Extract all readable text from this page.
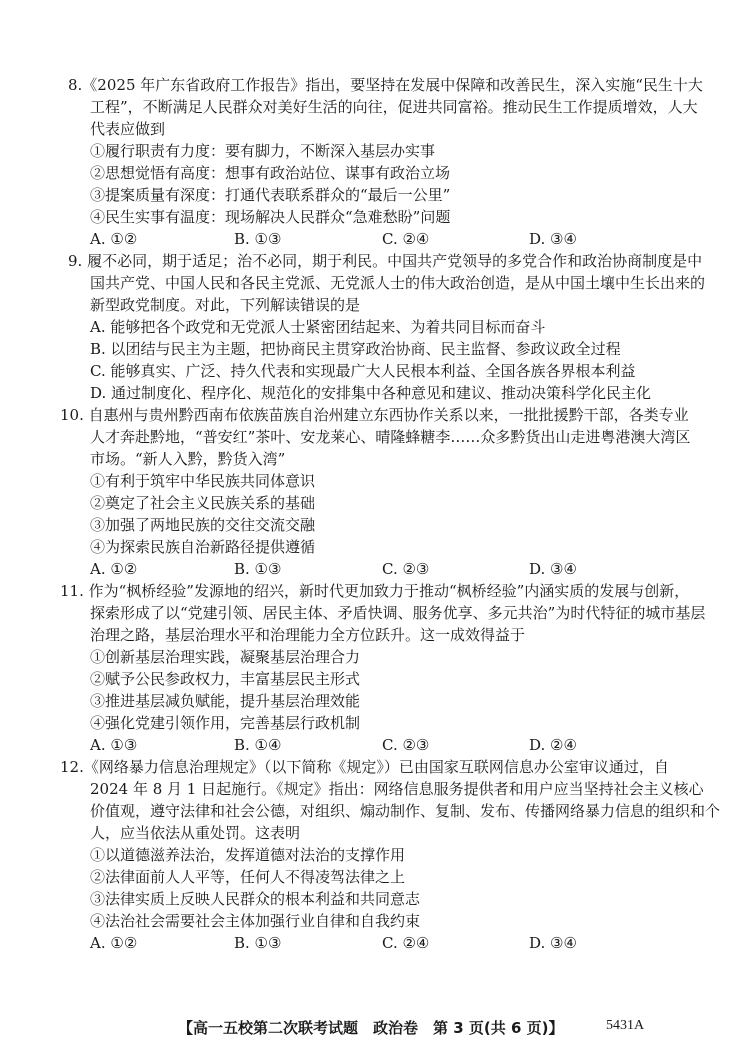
8.《2025 年广东省政府工作报告》指出，要坚持在发展中保障和改善民生，深入实施“民生十大
工程”，不断满足人民群众对美好生活的向往，促进共同富裕。推动民生工作提质增效，人大
代表应做到
①履行职责有力度：要有脚力，不断深入基层办实事
②思想觉悟有高度：想事有政治站位、谋事有政治立场
③提案质量有深度：打通代表联系群众的“最后一公里”
④民生实事有温度：现场解决人民群众“急难愁盼”问题
A. ①②	B. ①③	C. ②④	D. ③④
9. 履不必同，期于适足；治不必同，期于利民。中国共产党领导的多党合作和政治协商制度是中
国共产党、中国人民和各民主党派、无党派人士的伟大政治创造，是从中国土壤中生长出来的
新型政党制度。对此，下列解读错误的是
A. 能够把各个政党和无党派人士紧密团结起来、为着共同目标而奋斗
B. 以团结与民主为主题，把协商民主贯穿政治协商、民主监督、参政议政全过程
C. 能够真实、广泛、持久代表和实现最广大人民根本利益、全国各族各界根本利益
D. 通过制度化、程序化、规范化的安排集中各种意见和建议、推动决策科学化民主化
10. 自惠州与贵州黔西南布依族苗族自治州建立东西协作关系以来，一批批援黔干部，各类专业
人才奔赴黔地，“普安红”茶叶、安龙莱心、晴隆蜂糖李……众多黔货出山走进粤港澳大湾区
市场。“新人入黔，黔货入湾”
①有利于筑牢中华民族共同体意识
②奠定了社会主义民族关系的基础
③加强了两地民族的交往交流交融
④为探索民族自治新路径提供遵循
A. ①②	B. ①③	C. ②③	D. ③④
11. 作为“枫桥经验”发源地的绍兴，新时代更加致力于推动“枫桥经验”内涵实质的发展与创新，
探索形成了以“党建引领、居民主体、矛盾快调、服务优享、多元共治”为时代特征的城市基层
治理之路，基层治理水平和治理能力全方位跃升。这一成效得益于
①创新基层治理实践，凝聚基层治理合力
②赋予公民参政权力，丰富基层民主形式
③推进基层减负赋能，提升基层治理效能
④强化党建引领作用，完善基层行政机制
A. ①③	B. ①④	C. ②③	D. ②④
12.《网络暴力信息治理规定》（以下简称《规定》）已由国家互联网信息办公室审议通过，自
2024 年 8 月 1 日起施行。《规定》指出：网络信息服务提供者和用户应当坚持社会主义核心
价值观，遵守法律和社会公德，对组织、煽动制作、复制、发布、传播网络暴力信息的组织和个
人，应当依法从重处罚。这表明
①以道德滋养法治，发挥道德对法治的支撑作用
②法律面前人人平等，任何人不得凌驾法律之上
③法律实质上反映人民群众的根本利益和共同意志
④法治社会需要社会主体加强行业自律和自我约束
A. ①②	B. ①③	C. ②④	D. ③④
【高一五校第二次联考试题　政治卷　第 3 页(共 6 页)】	5431A
